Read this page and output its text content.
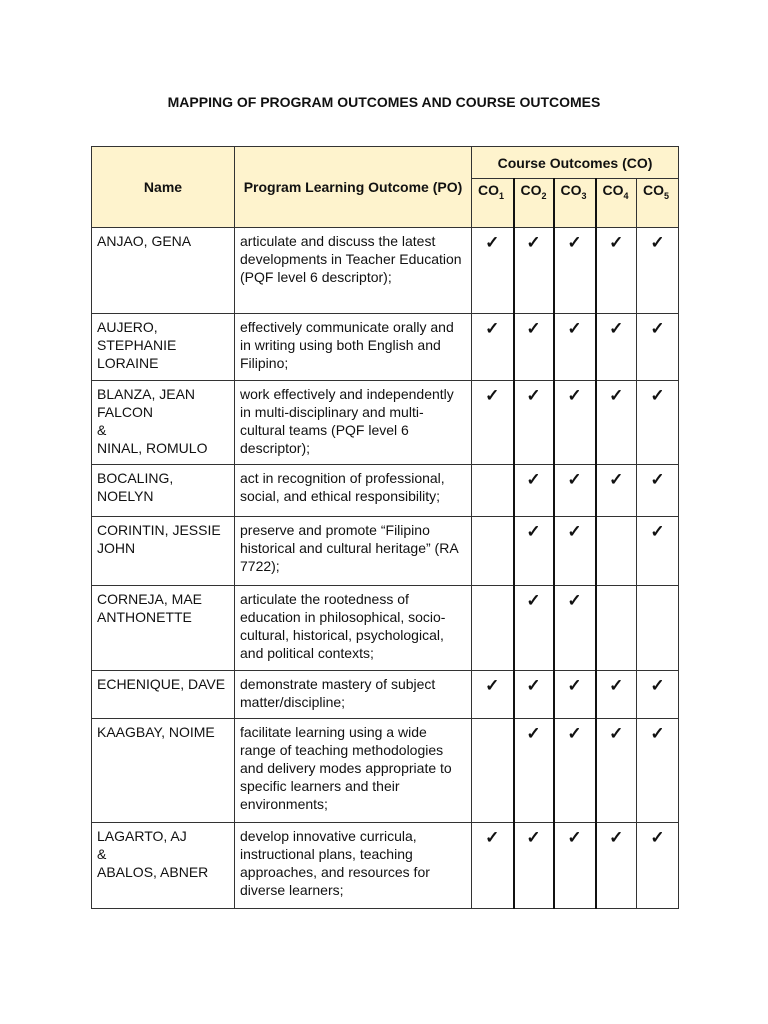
MAPPING OF PROGRAM OUTCOMES AND COURSE OUTCOMES
Name	Program Learning Outcome (PO)	Course Outcomes (CO)				
		$CO_1$	$CO_2$	$CO_3$	$CO_4$	$CO_5$
ANJAO, GENA	articulate and discuss the latest developments in Teacher Education (PQF level 6 descriptor);	✓	✓	✓	✓	✓
AUJERO, STEPHANIE LORAINE	effectively communicate orally and in writing using both English and Filipino;	✓	✓	✓	✓	✓
BLANZA, JEAN FALCON
&
NINAL, ROMULO	work effectively and independently in multi-disciplinary and multi-cultural teams (PQF level 6 descriptor);	✓	✓	✓	✓	✓
BOCALING, NOELYN	act in recognition of professional, social, and ethical responsibility;		✓	✓	✓	✓
CORINTIN, JESSIE JOHN	preserve and promote “Filipino historical and cultural heritage” (RA 7722);		✓	✓		✓
CORNEJA, MAE ANTHONETTE	articulate the rootedness of education in philosophical, socio-cultural, historical, psychological, and political contexts;		✓	✓		
ECHENIQUE, DAVE	demonstrate mastery of subject matter/discipline;	✓	✓	✓	✓	✓
KAAGBAY, NOIME	facilitate learning using a wide range of teaching methodologies and delivery modes appropriate to specific learners and their environments;		✓	✓	✓	✓
LAGARTO, AJ
&
ABALOS, ABNER	develop innovative curricula, instructional plans, teaching approaches, and resources for diverse learners;	✓	✓	✓	✓	✓
